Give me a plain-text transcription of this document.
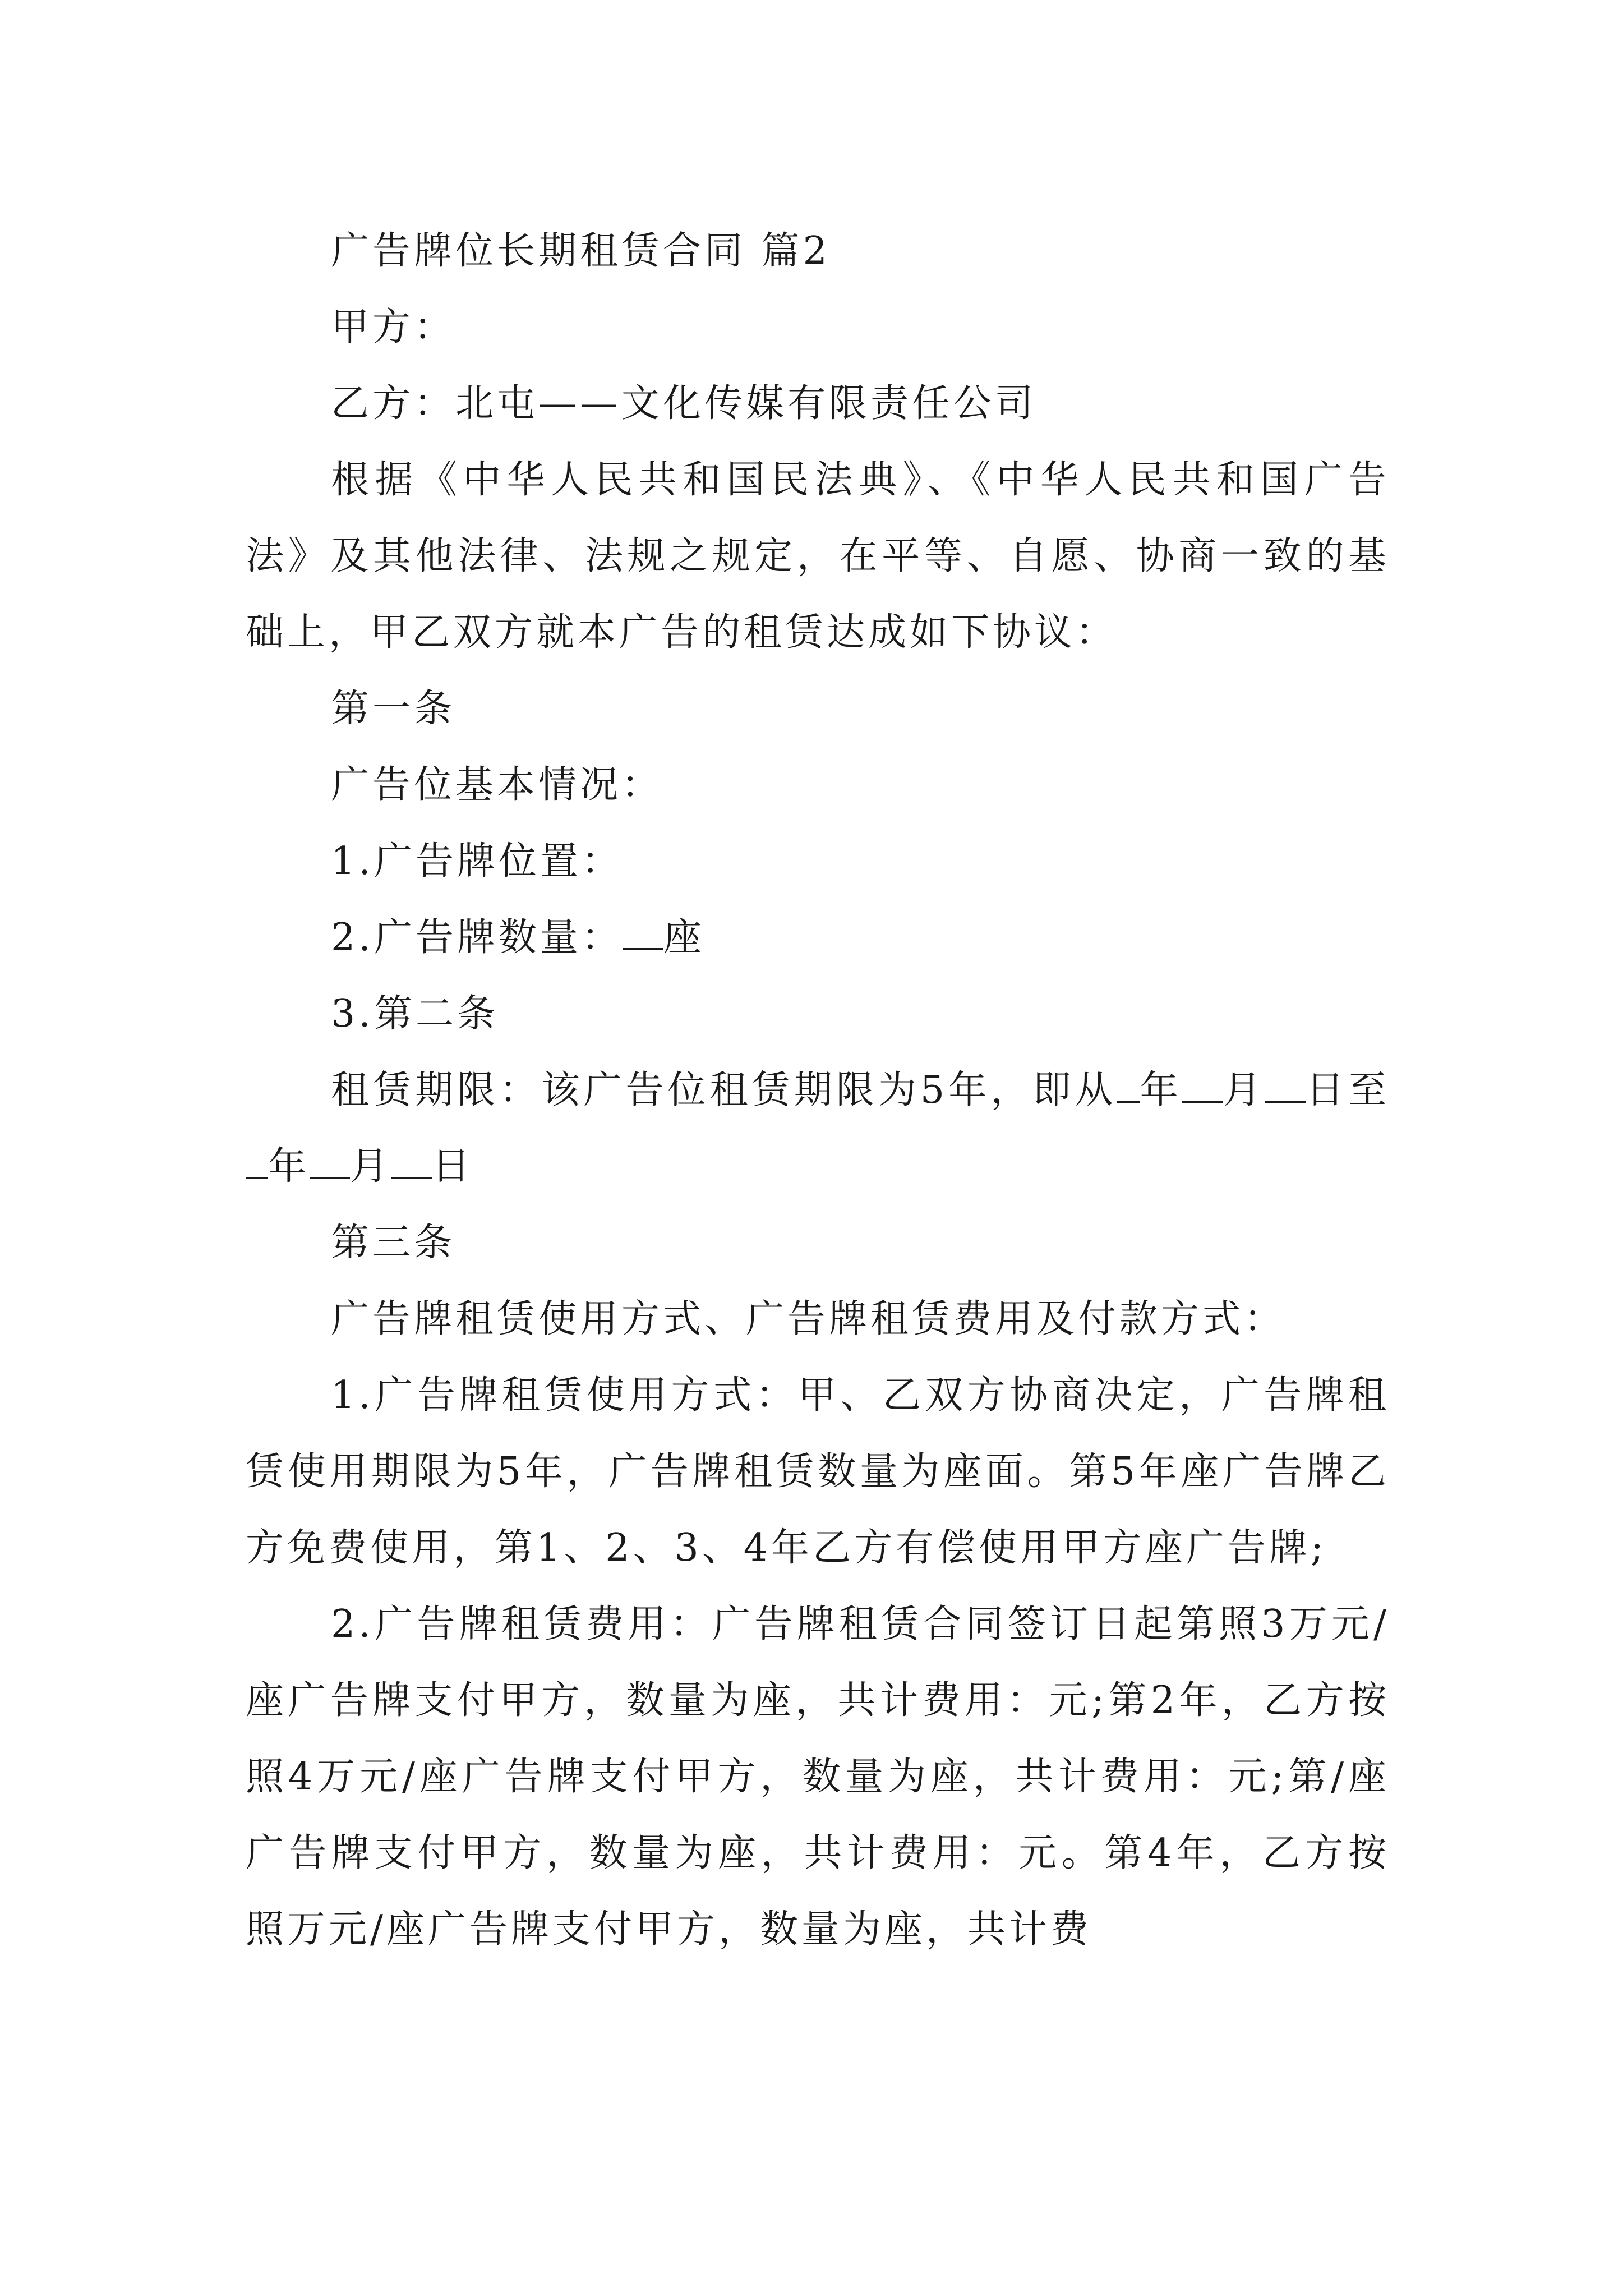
广告牌位长期租赁合同 篇2

甲方：

乙方：北屯——文化传媒有限责任公司

根据《中华人民共和国民法典》、《中华人民共和国广告法》及其他法律、法规之规定，在平等、自愿、协商一致的基础上，甲乙双方就本广告的租赁达成如下协议：

第一条

广告位基本情况：

1.广告牌位置：

2.广告牌数量： 座

3.第二条

租赁期限：该广告位租赁期限为5年，即从 年 月 日至年 月 日

第三条

广告牌租赁使用方式、广告牌租赁费用及付款方式：

1.广告牌租赁使用方式：甲、乙双方协商决定，广告牌租赁使用期限为5年，广告牌租赁数量为座面。第5年座广告牌乙方免费使用，第1、2、3、4年乙方有偿使用甲方座广告牌;

2.广告牌租赁费用：广告牌租赁合同签订日起第照3万元/座广告牌支付甲方，数量为座，共计费用：元;第2年，乙方按照4万元/座广告牌支付甲方，数量为座，共计费用：元;第/座广告牌支付甲方，数量为座，共计费用：元。第4年，乙方按照万元/座广告牌支付甲方，数量为座，共计费
